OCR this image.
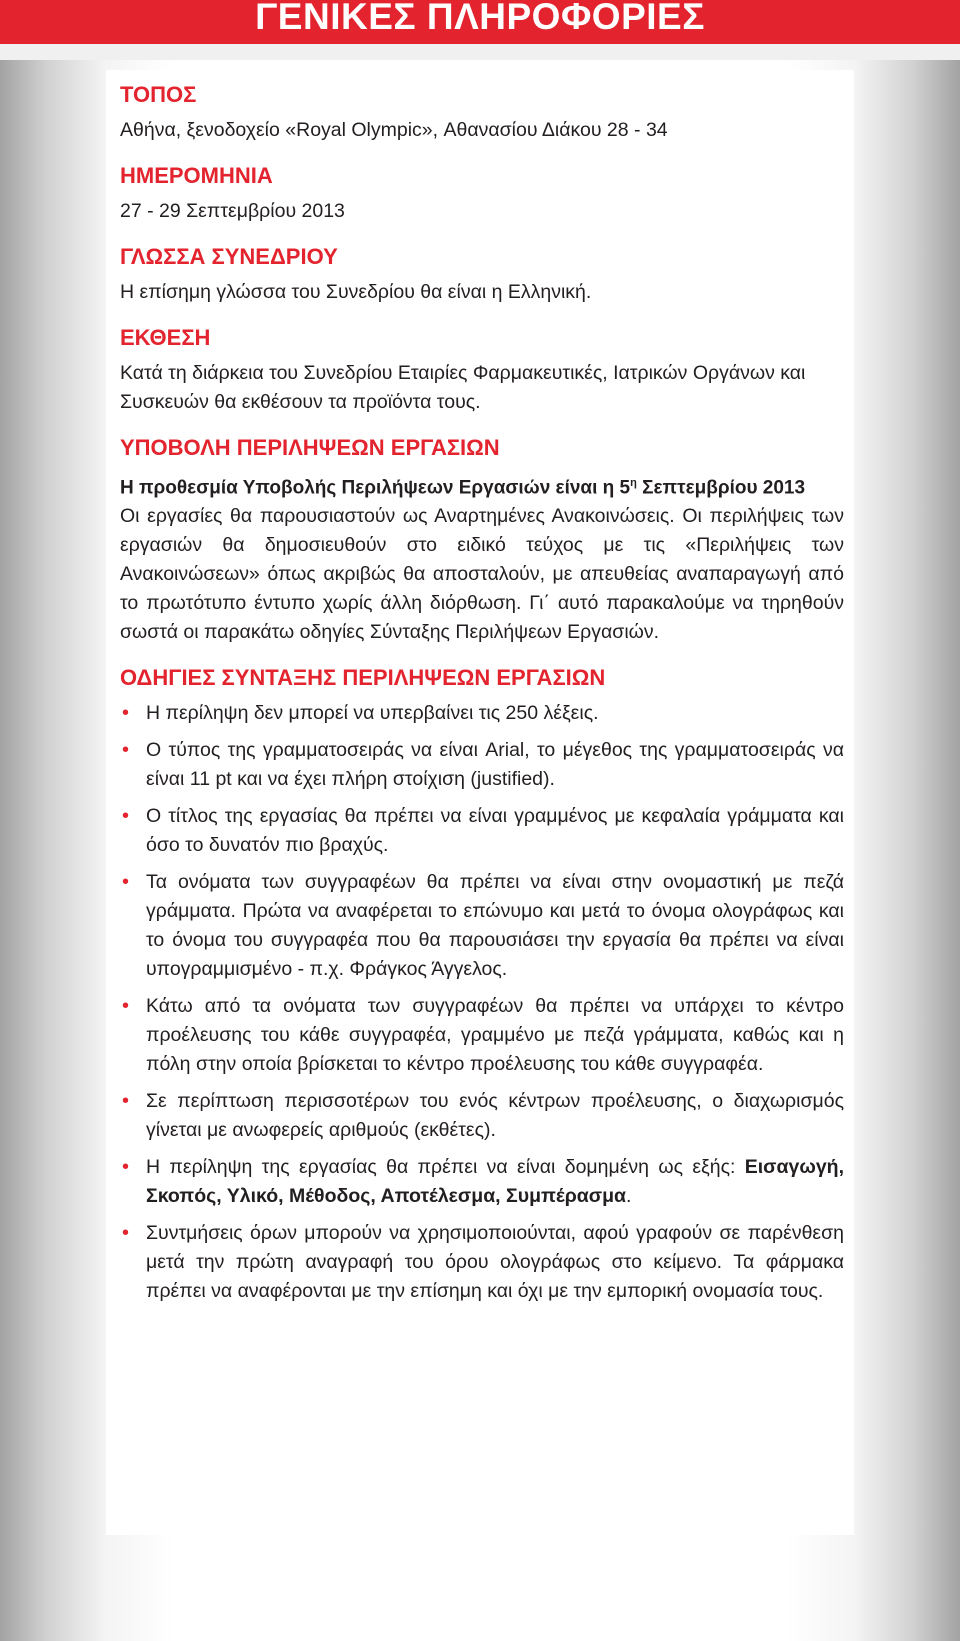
ΓΕΝΙΚΕΣ ΠΛΗΡΟΦΟΡΙΕΣ
ΤΟΠΟΣ

Αθήνα, ξενοδοχείο «Royal Olympic», Αθανασίου Διάκου 28 - 34

ΗΜΕΡΟΜΗΝΙΑ

27 - 29 Σεπτεμβρίου 2013

ΓΛΩΣΣΑ ΣΥΝΕΔΡΙΟΥ

Η επίσημη γλώσσα του Συνεδρίου θα είναι η Ελληνική.

ΕΚΘΕΣΗ

Κατά τη διάρκεια του Συνεδρίου Εταιρίες Φαρμακευτικές, Ιατρικών Οργάνων και Συσκευών θα εκθέσουν τα προϊόντα τους.

ΥΠΟΒΟΛΗ ΠΕΡΙΛΗΨΕΩΝ ΕΡΓΑΣΙΩΝ

Η προθεσμία Υποβολής Περιλήψεων Εργασιών είναι η $5^\eta$ Σεπτεμβρίου 2013

Οι εργασίες θα παρουσιαστούν ως Αναρτημένες Ανακοινώσεις. Οι περιλήψεις των εργασιών θα δημοσιευθούν στο ειδικό τεύχος με τις «Περιλήψεις των Ανακοινώσεων» όπως ακριβώς θα αποσταλούν, με απευθείας αναπαραγωγή από το πρωτότυπο έντυπο χωρίς άλλη διόρθωση. Γι΄ αυτό παρακαλούμε να τηρηθούν σωστά οι παρακάτω οδηγίες Σύνταξης Περιλήψεων Εργασιών.

ΟΔΗΓΙΕΣ ΣΥΝΤΑΞΗΣ ΠΕΡΙΛΗΨΕΩΝ ΕΡΓΑΣΙΩΝ
• Η περίληψη δεν μπορεί να υπερβαίνει τις 250 λέξεις.
• Ο τύπος της γραμματοσειράς να είναι Arial, το μέγεθος της γραμματοσειράς να είναι 11 pt και να έχει πλήρη στοίχιση (justified).
• Ο τίτλος της εργασίας θα πρέπει να είναι γραμμένος με κεφαλαία γράμματα και όσο το δυνατόν πιο βραχύς.
• Τα ονόματα των συγγραφέων θα πρέπει να είναι στην ονομαστική με πεζά γράμματα. Πρώτα να αναφέρεται το επώνυμο και μετά το όνομα ολογράφως και το όνομα του συγγραφέα που θα παρουσιάσει την εργασία θα πρέπει να είναι υπογραμμισμένο - π.χ. Φράγκος Άγγελος.
• Κάτω από τα ονόματα των συγγραφέων θα πρέπει να υπάρχει το κέντρο προέλευσης του κάθε συγγραφέα, γραμμένο με πεζά γράμματα, καθώς και η πόλη στην οποία βρίσκεται το κέντρο προέλευσης του κάθε συγγραφέα.
• Σε περίπτωση περισσοτέρων του ενός κέντρων προέλευσης, ο διαχωρισμός γίνεται με ανωφερείς αριθμούς (εκθέτες).
• Η περίληψη της εργασίας θα πρέπει να είναι δομημένη ως εξής: Εισαγωγή, Σκοπός, Υλικό, Μέθοδος, Αποτέλεσμα, Συμπέρασμα.
• Συντμήσεις όρων μπορούν να χρησιμοποιούνται, αφού γραφούν σε παρένθεση μετά την πρώτη αναγραφή του όρου ολογράφως στο κείμενο. Τα φάρμακα πρέπει να αναφέρονται με την επίσημη και όχι με την εμπορική ονομασία τους.
